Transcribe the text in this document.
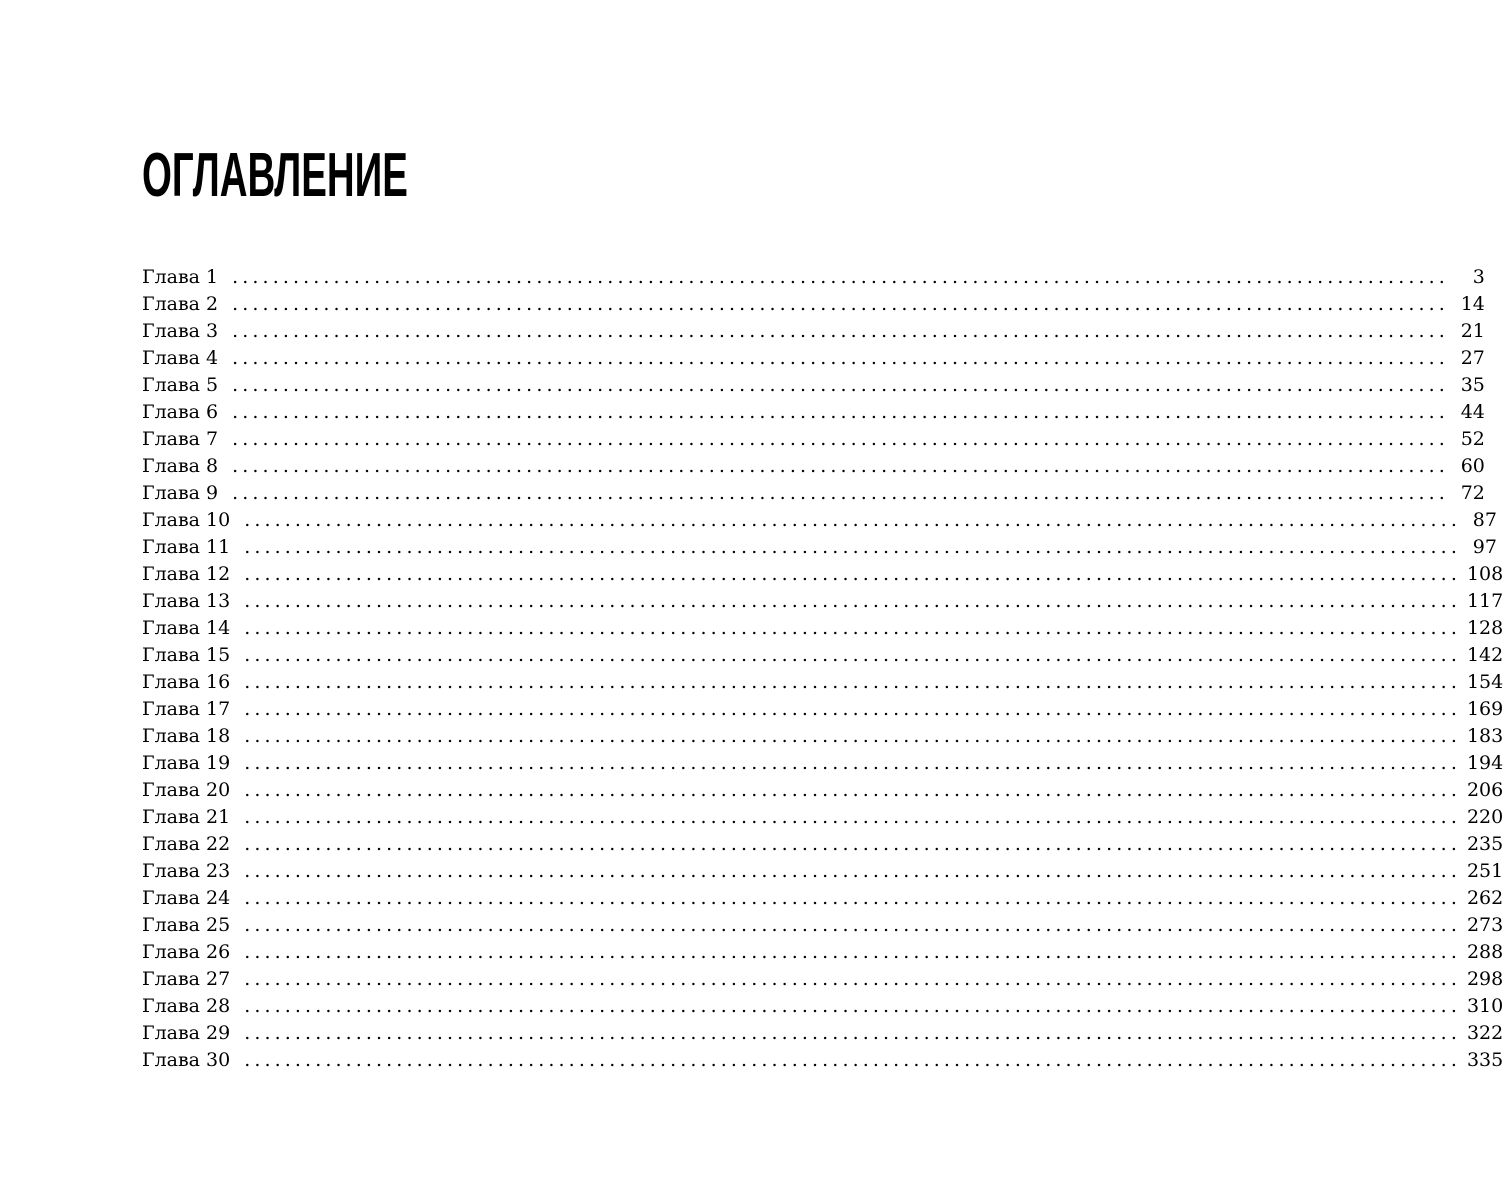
ОГЛАВЛЕНИЕ
Глава 1 ........................................................................................................................	3
Глава 2 ........................................................................................................................ 14
Глава 3 ........................................................................................................................ 21
Глава 4 ........................................................................................................................ 27
Глава 5 ........................................................................................................................ 35
Глава 6 ........................................................................................................................ 44
Глава 7 ........................................................................................................................ 52
Глава 8 ........................................................................................................................ 60
Глава 9 ........................................................................................................................ 72
Глава 10 ........................................................................................................................ 87
Глава 11 ........................................................................................................................ 97
Глава 12 ........................................................................................................................ 108
Глава 13 ........................................................................................................................ 117
Глава 14 ........................................................................................................................ 128
Глава 15 ........................................................................................................................ 142
Глава 16 ........................................................................................................................ 154
Глава 17 ........................................................................................................................ 169
Глава 18 ........................................................................................................................ 183
Глава 19 ........................................................................................................................ 194
Глава 20 ........................................................................................................................ 206
Глава 21 ........................................................................................................................ 220
Глава 22 ........................................................................................................................ 235
Глава 23 ........................................................................................................................ 251
Глава 24 ........................................................................................................................ 262
Глава 25 ........................................................................................................................ 273
Глава 26 ........................................................................................................................ 288
Глава 27 ........................................................................................................................ 298
Глава 28 ........................................................................................................................ 310
Глава 29 ........................................................................................................................ 322
Глава 30 ........................................................................................................................ 335
